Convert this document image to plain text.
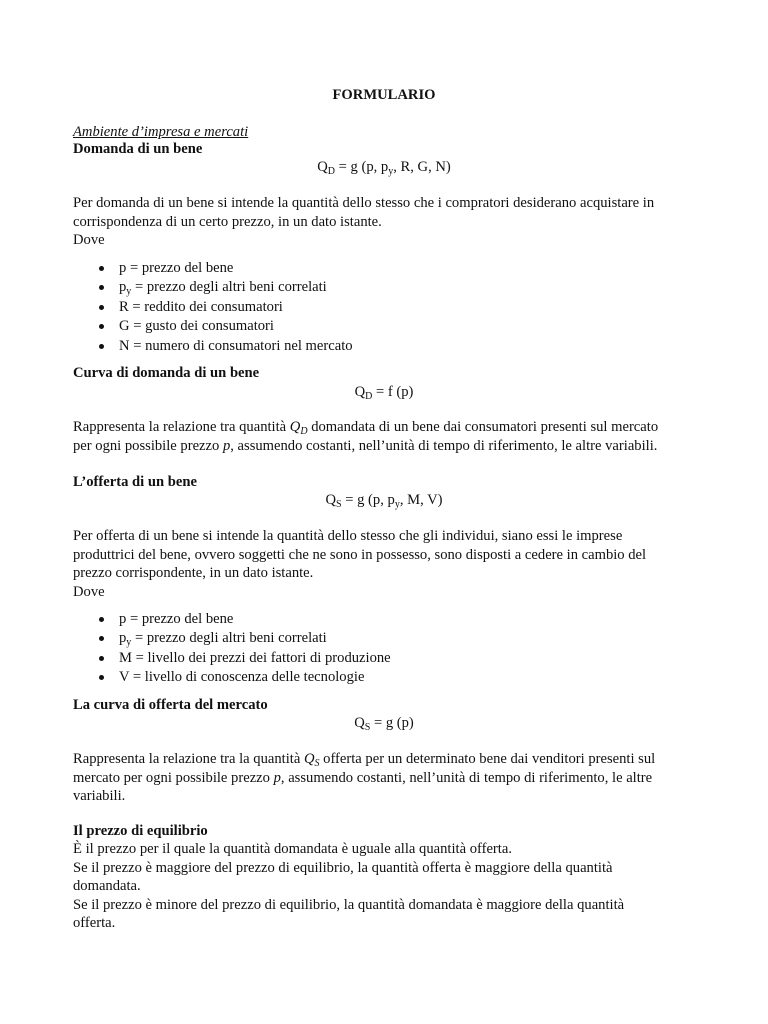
FORMULARIO
Ambiente d’impresa e mercati
Domanda di un bene
$Q_D = g$ (p, $p_y$, R, G, N)
Per domanda di un bene si intende la quantità dello stesso che i compratori desiderano acquistare in
corrispondenza di un certo prezzo, in un dato istante.
Dove
p = prezzo del bene
$p_y$ = prezzo degli altri beni correlati
R = reddito dei consumatori
G = gusto dei consumatori
N = numero di consumatori nel mercato
Curva di domanda di un bene
$Q_D = f$ (p)
Rappresenta la relazione tra quantità $Q_D$ domandata di un bene dai consumatori presenti sul mercato
per ogni possibile prezzo p, assumendo costanti, nell’unità di tempo di riferimento, le altre variabili.
L’offerta di un bene
$Q_S = g$ (p, $p_y$, M, V)
Per offerta di un bene si intende la quantità dello stesso che gli individui, siano essi le imprese
produttrici del bene, ovvero soggetti che ne sono in possesso, sono disposti a cedere in cambio del
prezzo corrispondente, in un dato istante.
Dove
p = prezzo del bene
$p_y$ = prezzo degli altri beni correlati
M = livello dei prezzi dei fattori di produzione
V = livello di conoscenza delle tecnologie
La curva di offerta del mercato
$Q_S = g$ (p)
Rappresenta la relazione tra la quantità $Q_S$ offerta per un determinato bene dai venditori presenti sul
mercato per ogni possibile prezzo p, assumendo costanti, nell’unità di tempo di riferimento, le altre
variabili.
Il prezzo di equilibrio
È il prezzo per il quale la quantità domandata è uguale alla quantità offerta.
Se il prezzo è maggiore del prezzo di equilibrio, la quantità offerta è maggiore della quantità
domandata.
Se il prezzo è minore del prezzo di equilibrio, la quantità domandata è maggiore della quantità
offerta.
